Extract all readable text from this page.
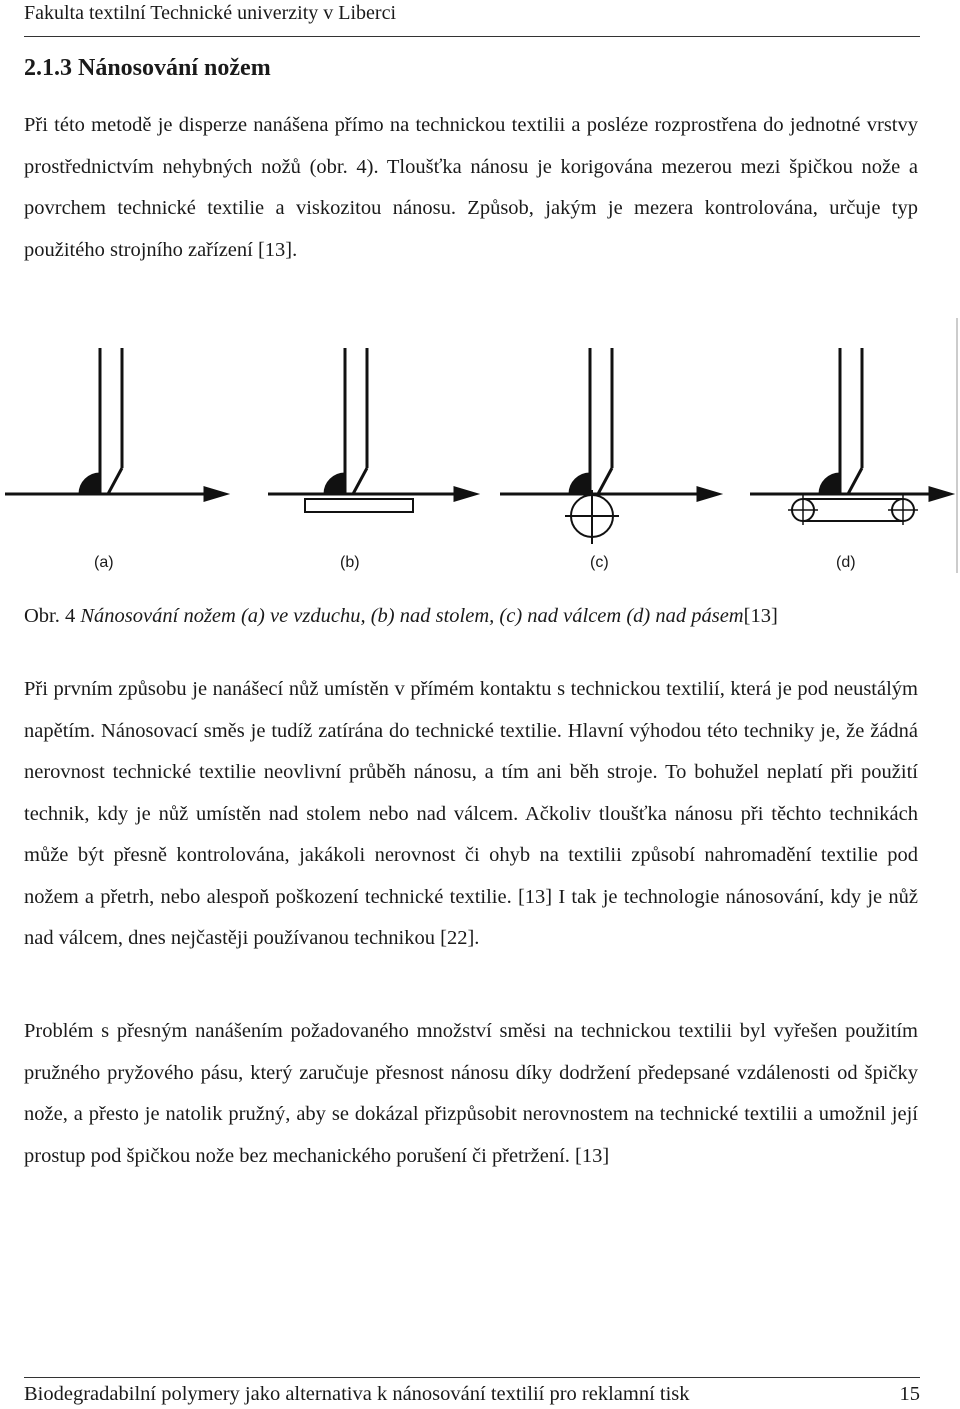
Fakulta textilní Technické univerzity v Liberci
2.1.3 Nánosování nožem

Při této metodě je disperze nanášena přímo na technickou textilii a posléze rozprostřena do jednotné vrstvy prostřednictvím nehybných nožů (obr. 4). Tloušťka nánosu je korigována mezerou mezi špičkou nože a povrchem technické textilie a viskozitou nánosu. Způsob, jakým je mezera kontrolována, určuje typ použitého strojního zařízení [13].

(a)	(b)	(c)	(d)
Obr. 4 Nánosování nožem (a) ve vzduchu, (b) nad stolem, (c) nad válcem (d) nad pásem[13]

Při prvním způsobu je nanášecí nůž umístěn v přímém kontaktu s technickou textilií, která je pod neustálým napětím. Nánosovací směs je tudíž zatírána do technické textilie. Hlavní výhodou této techniky je, že žádná nerovnost technické textilie neovlivní průběh nánosu, a tím ani běh stroje. To bohužel neplatí při použití technik, kdy je nůž umístěn nad stolem nebo nad válcem. Ačkoliv tloušťka nánosu při těchto technikách může být přesně kontrolována, jakákoli nerovnost či ohyb na textilii způsobí nahromadění textilie pod nožem a přetrh, nebo alespoň poškození technické textilie. [13] I tak je technologie nánosování, kdy je nůž nad válcem, dnes nejčastěji používanou technikou [22].

Problém s přesným nanášením požadovaného množství směsi na technickou textilii byl vyřešen použitím pružného pryžového pásu, který zaručuje přesnost nánosu díky dodržení předepsané vzdálenosti od špičky nože, a přesto je natolik pružný, aby se dokázal přizpůsobit nerovnostem na technické textilii a umožnil její prostup pod špičkou nože bez mechanického porušení či přetržení. [13]

Biodegradabilní polymery jako alternativa k nánosování textilií pro reklamní tisk	15
